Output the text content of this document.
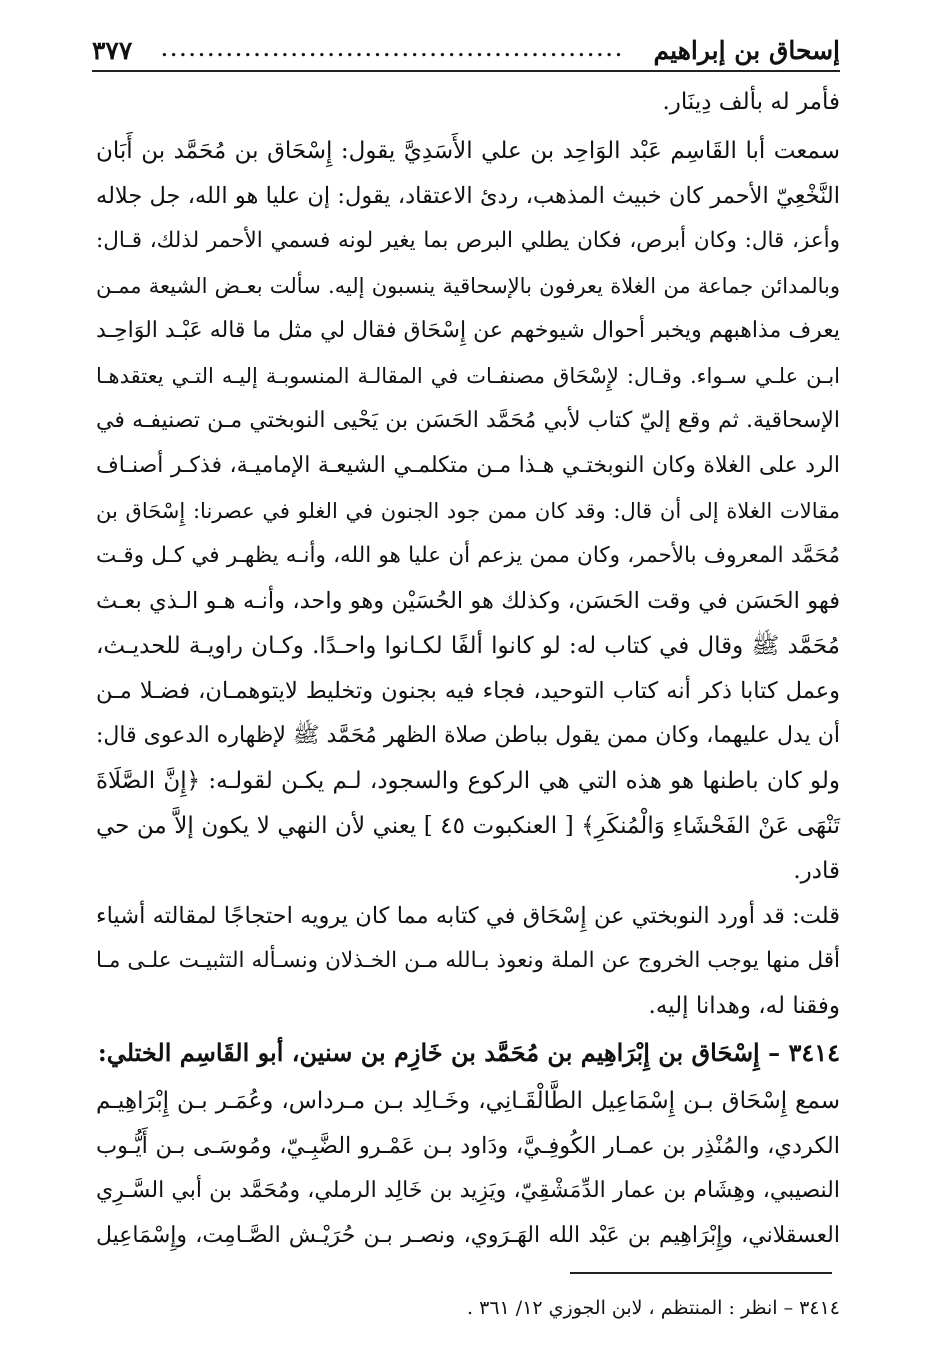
إسحاق بن إبراهيم
..................................................
٣٧٧
فأمر له بألف دِينَار.
سمعت أبا القَاسِم عَبْد الوَاحِد بن علي الأَسَدِيَّ يقول: إِسْحَاق بن مُحَمَّد بن أَبَان
النَّخْعِيّ الأحمر كان خبيث المذهب، ردئ الاعتقاد، يقول: إن عليا هو الله، جل جلاله
وأعز، قال: وكان أبرص، فكان يطلي البرص بما يغير لونه فسمي الأحمر لذلك، قـال:
وبالمدائن جماعة من الغلاة يعرفون بالإسحاقية ينسبون إليه. سألت بعـض الشيعة ممـن
يعرف مذاهبهم ويخبر أحوال شيوخهم عن إِسْحَاق فقال لي مثل ما قاله عَبْـد الوَاحِـد
ابـن علـي سـواء. وقـال: لإِسْحَاق مصنفـات في المقالـة المنسوبـة إليـه التـي يعتقدهـا
الإسحاقية. ثم وقع إليّ كتاب لأبي مُحَمَّد الحَسَن بن يَحْيى النوبختي مـن تصنيفـه في
الرد على الغلاة وكان النوبختـي هـذا مـن متكلمـي الشيعـة الإماميـة، فذكـر أصنـاف
مقالات الغلاة إلى أن قال: وقد كان ممن جود الجنون في الغلو في عصرنا: إِسْحَاق بن
مُحَمَّد المعروف بالأحمر، وكان ممن يزعم أن عليا هو الله، وأنـه يظهـر في كـل وقـت
فهو الحَسَن في وقت الحَسَن، وكذلك هو الحُسَيْن وهو واحد، وأنـه هـو الـذي بعـث
مُحَمَّد ﷺ وقال في كتاب له: لو كانوا ألفًا لكـانوا واحـدًا. وكـان راويـة للحديـث،
وعمل كتابا ذكر أنه كتاب التوحيد، فجاء فيه بجنون وتخليط لايتوهمـان، فضـلا مـن
أن يدل عليهما، وكان ممن يقول بباطن صلاة الظهر مُحَمَّد ﷺ لإظهاره الدعوى قال:
ولو كان باطنها هو هذه التي هي الركوع والسجود، لـم يكـن لقولـه: ﴿إِنَّ الصَّلَاةَ
تَنْهَى عَنْ الفَحْشَاءِ وَالْمُنكَرِ﴾ [ العنكبوت ٤٥ ] يعني لأن النهي لا يكون إلاَّ من حي
قادر.
قلت: قد أورد النوبختي عن إِسْحَاق في كتابه مما كان يرويه احتجاجًا لمقالته أشياء
أقل منها يوجب الخروج عن الملة ونعوذ بـالله مـن الخـذلان ونسـأله التثبيـت علـى مـا
وفقنا له، وهدانا إليه.
٣٤١٤ – إِسْحَاق بن إِبْرَاهِيم بن مُحَمَّد بن خَازِم بن سنين، أبو القَاسِم الختلي:
سمع إِسْحَاق بـن إِسْمَاعِيل الطَّالْقَـانِي، وخَـالِد بـن مـرداس، وعُمَـر بـن إِبْرَاهِيـم
الكردي، والمُنْذِر بن عمـار الكُوفِـيَّ، ودَاود بـن عَمْـرو الضَّبِـيّ، ومُوسَـى بـن أَيُّـوب
النصيبي، وهِشَام بن عمار الدِّمَشْقِيّ، ويَزِيد بن خَالِد الرملي، ومُحَمَّد بن أبي السَّـرِي
العسقلاني، وإِبْرَاهِيم بن عَبْد الله الهَـرَوي، ونصـر بـن حُرَيْـش الصَّـامِت، وإِسْمَاعِيل
٣٤١٤ – انظر : المنتظم ، لابن الجوزي ١٢/ ٣٦١ .
